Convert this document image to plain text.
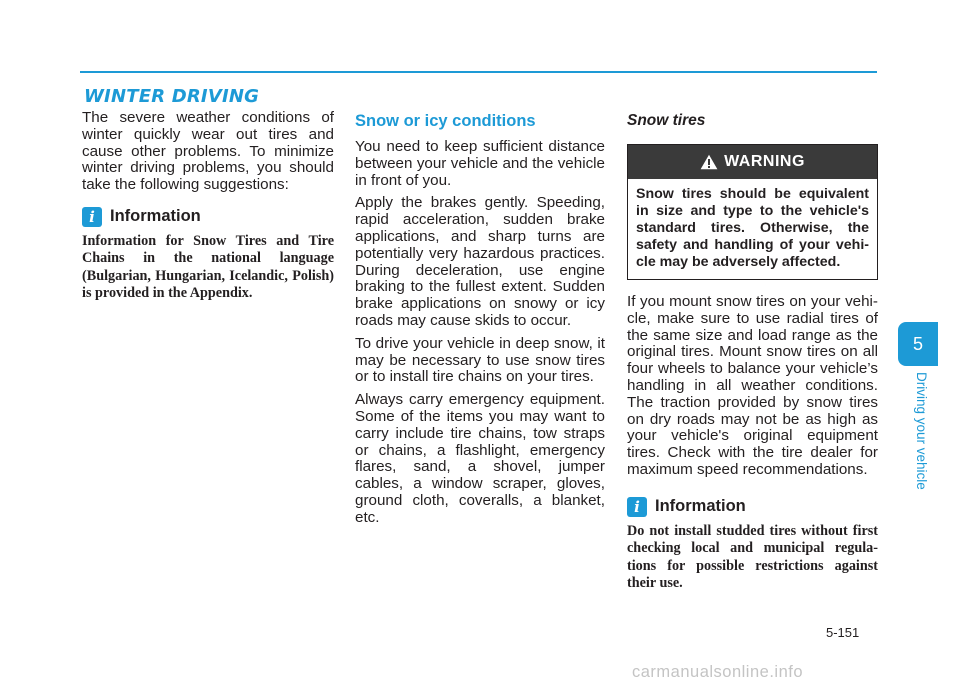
WINTER DRIVING

The severe weather conditions of winter quickly wear out tires and cause other problems. To minimize winter driving problems, you should take the following suggestions:

i Information

Information for Snow Tires and Tire Chains in the national language (Bulgarian, Hungarian, Icelandic, Polish) is provided in the Appendix.

Snow or icy conditions

You need to keep sufficient distance between your vehicle and the vehicle in front of you.

Apply the brakes gently. Speeding, rapid acceleration, sudden brake applications, and sharp turns are potentially very hazardous practices. During deceleration, use engine braking to the fullest extent. Sudden brake applications on snowy or icy roads may cause skids to occur.

To drive your vehicle in deep snow, it may be necessary to use snow tires or to install tire chains on your tires.

Always carry emergency equipment. Some of the items you may want to carry include tire chains, tow straps or chains, a flashlight, emergency flares, sand, a shovel, jumper cables, a window scraper, gloves, ground cloth, coveralls, a blanket, etc.

Snow tires
WARNING

Snow tires should be equivalent in size and type to the vehicle's standard tires. Otherwise, the safety and handling of your vehi-cle may be adversely affected.

If you mount snow tires on your vehi-cle, make sure to use radial tires of the same size and load range as the original tires. Mount snow tires on all four wheels to balance your vehicle’s handling in all weather conditions. The traction provided by snow tires on dry roads may not be as high as your vehicle's original equipment tires. Check with the tire dealer for maximum speed recommendations.

i Information

Do not install studded tires without first checking local and municipal regula-tions for possible restrictions against their use.

5
Driving your vehicle
5-151
carmanualsonline.info
